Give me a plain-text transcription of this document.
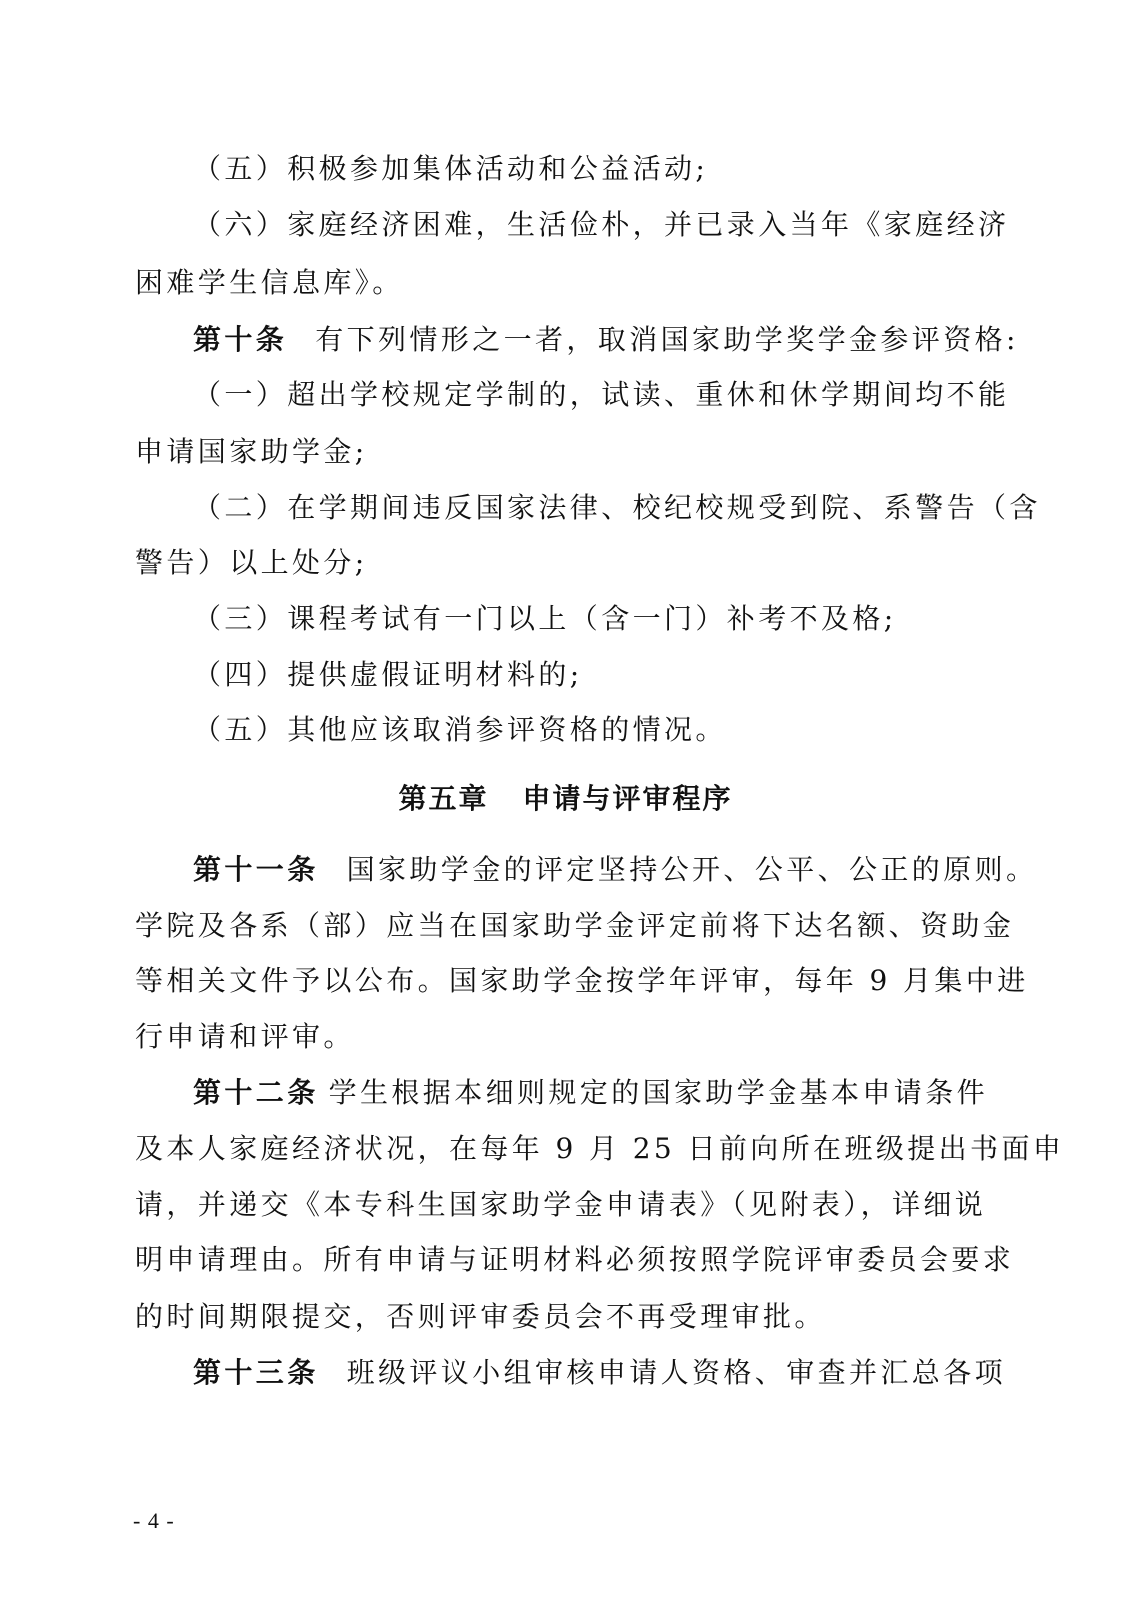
（五）积极参加集体活动和公益活动;
（六）家庭经济困难，生活俭朴，并已录入当年《家庭经济
困难学生信息库》。
第十条 有下列情形之一者，取消国家助学奖学金参评资格:
（一）超出学校规定学制的，试读、重休和休学期间均不能
申请国家助学金;
（二）在学期间违反国家法律、校纪校规受到院、系警告（含
警告）以上处分;
（三）课程考试有一门以上（含一门）补考不及格;
（四）提供虚假证明材料的;
（五）其他应该取消参评资格的情况。
第五章 申请与评审程序
第十一条 国家助学金的评定坚持公开、公平、公正的原则。
学院及各系（部）应当在国家助学金评定前将下达名额、资助金
等相关文件予以公布。国家助学金按学年评审，每年 9 月集中进
行申请和评审。
第十二条 学生根据本细则规定的国家助学金基本申请条件
及本人家庭经济状况，在每年 9 月 25 日前向所在班级提出书面申
请，并递交《本专科生国家助学金申请表》（见附表），详细说
明申请理由。所有申请与证明材料必须按照学院评审委员会要求
的时间期限提交，否则评审委员会不再受理审批。
第十三条 班级评议小组审核申请人资格、审查并汇总各项
- 4 -
